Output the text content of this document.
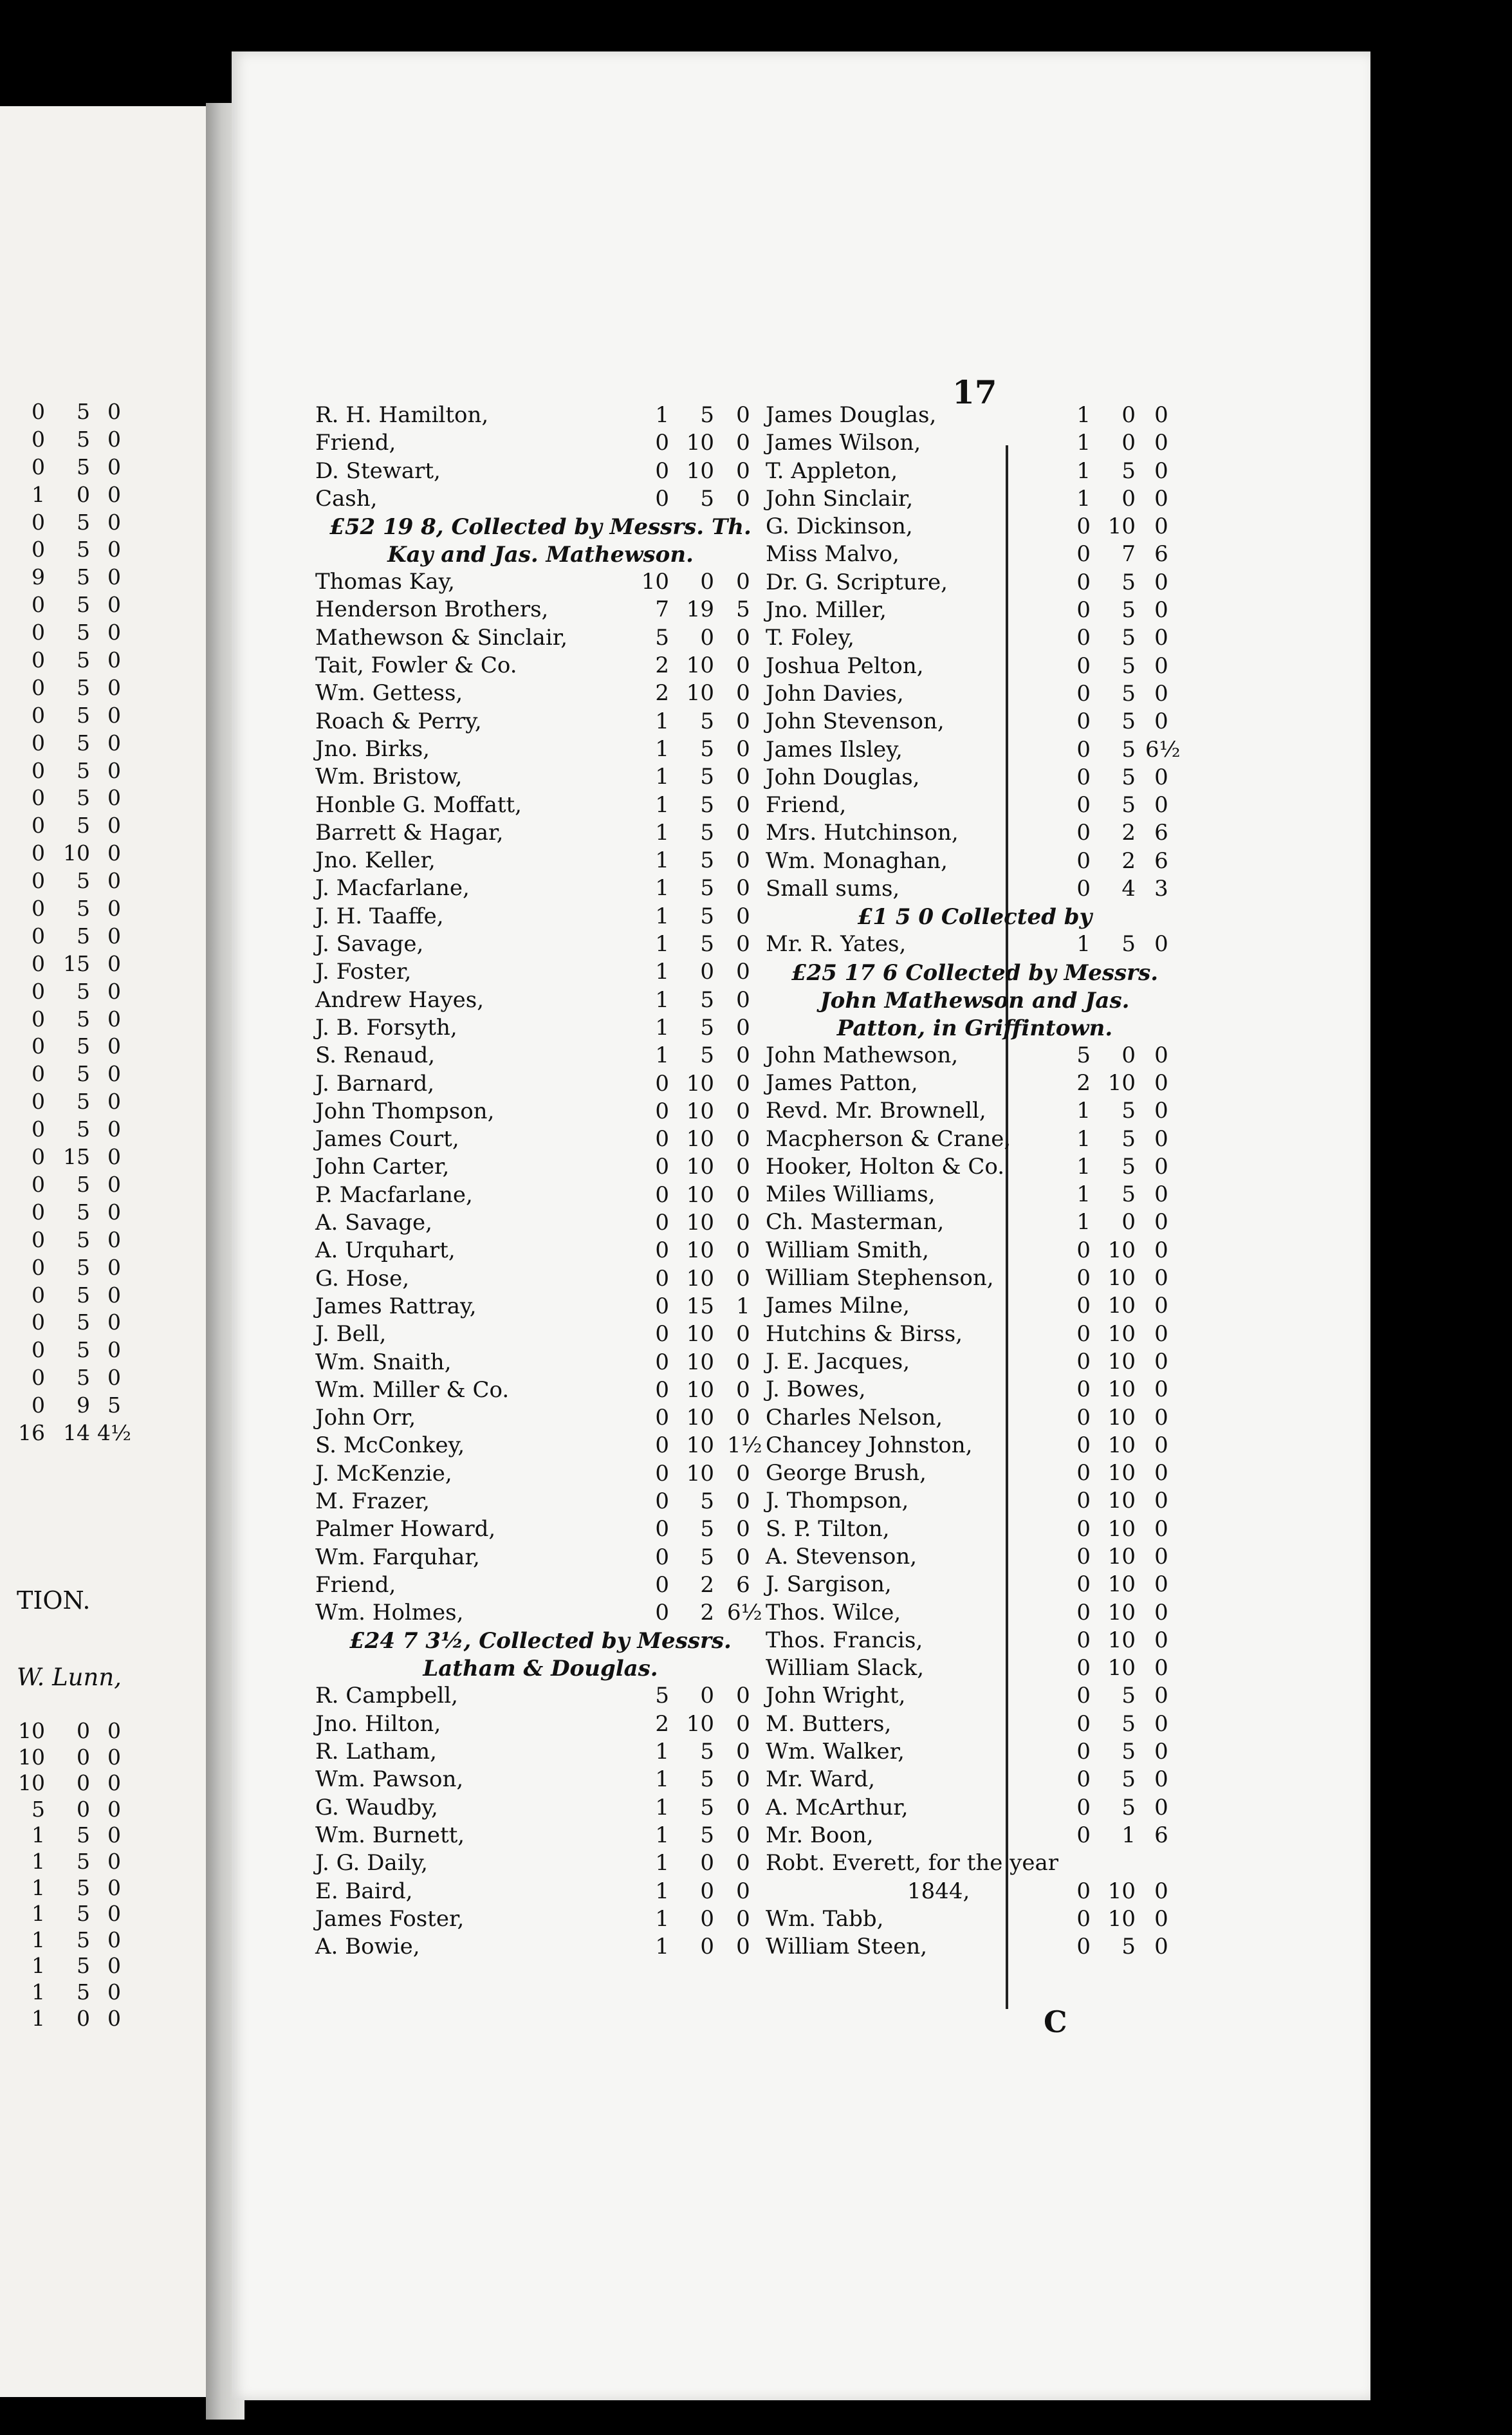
0	5 0
0	5 0
0	5 0
1	0 0
0	5 0
0	5 0
9	5 0
0	5 0
0	5 0
0	5 0
0	5 0
0	5 0
0	5 0
0	5 0
0	5 0
0	5 0
0 10 0
0	5 0
0	5 0
0	5 0
0 15 0
0	5 0
0	5 0
0	5 0
0	5 0
0	5 0
0	5 0
0 15 0
0	5 0
0	5 0
0	5 0
0	5 0
0	5 0
0	5 0
0	5 0
0	5 0
0	9 5
16 14 4½
TION.
W. Lunn,
10	0 0
10	0 0
10	0 0
5	0 0
1	5 0
1	5 0
1	5 0
1	5 0
1	5 0
1	5 0
1	5 0
1	0 0
17
R. H. Hamilton,	1	5	0
Friend,	0 10	0
D. Stewart,	0 10	0
Cash,	0	5	0
£52 19 8, Collected by Messrs. Th. Kay and Jas. Mathewson.
Thomas Kay,	10	0	0
Henderson Brothers,	7 19	5
Mathewson & Sinclair,	5	0	0
Tait, Fowler & Co.	2 10	0
Wm. Gettess,	2 10	0
Roach & Perry,	1	5	0
Jno. Birks,	1	5	0
Wm. Bristow,	1	5	0
Honble G. Moffatt,	1	5	0
Barrett & Hagar,	1	5	0
Jno. Keller,	1	5	0
J. Macfarlane,	1	5	0
J. H. Taaffe,	1	5	0
J. Savage,	1	5	0
J. Foster,	1	0	0
Andrew Hayes,	1	5	0
J. B. Forsyth,	1	5	0
S. Renaud,	1	5	0
J. Barnard,	0 10	0
John Thompson,	0 10	0
James Court,	0 10	0
John Carter,	0 10	0
P. Macfarlane,	0 10	0
A. Savage,	0 10	0
A. Urquhart,	0 10	0
G. Hose,	0 10	0
James Rattray,	0 15	1
J. Bell,	0 10	0
Wm. Snaith,	0 10	0
Wm. Miller & Co.	0 10	0
John Orr,	0 10	0
S. McConkey,	0 10 1½
J. McKenzie,	0 10	0
M. Frazer,	0	5	0
Palmer Howard,	0	5	0
Wm. Farquhar,	0	5	0
Friend,	0	2	6
Wm. Holmes,	0	2 6½
£24 7 3½, Collected by Messrs. Latham & Douglas.
R. Campbell,	5	0	0
Jno. Hilton,	2 10	0
R. Latham,	1	5	0
Wm. Pawson,	1	5	0
G. Waudby,	1	5	0
Wm. Burnett,	1	5	0
J. G. Daily,	1	0	0
E. Baird,	1	0	0
James Foster,	1	0	0
A. Bowie,	1	0	0
James Douglas,	1	0 0
James Wilson,	1	0 0
T. Appleton,	1	5 0
John Sinclair,	1	0 0
G. Dickinson,	0 10 0
Miss Malvo,	0	7 6
Dr. G. Scripture,	0	5 0
Jno. Miller,	0	5 0
T. Foley,	0	5 0
Joshua Pelton,	0	5 0
John Davies,	0	5 0
John Stevenson,	0	5 0
James Ilsley,	0	5 6½
John Douglas,	0	5 0
Friend,	0	5 0
Mrs. Hutchinson,	0	2 6
Wm. Monaghan,	0	2 6
Small sums,	0	4 3
£1 5 0 Collected by
Mr. R. Yates,	1	5 0
£25 17 6 Collected by Messrs. John Mathewson and Jas. Patton, in Griffintown.
John Mathewson,	5	0 0
James Patton,	2 10 0
Revd. Mr. Brownell,	1	5 0
Macpherson & Crane,	1	5 0
Hooker, Holton & Co.	1	5 0
Miles Williams,	1	5 0
Ch. Masterman,	1	0 0
William Smith,	0 10 0
William Stephenson,	0 10 0
James Milne,	0 10 0
Hutchins & Birss,	0 10 0
J. E. Jacques,	0 10 0
J. Bowes,	0 10 0
Charles Nelson,	0 10 0
Chancey Johnston,	0 10 0
George Brush,	0 10 0
J. Thompson,	0 10 0
S. P. Tilton,	0 10 0
A. Stevenson,	0 10 0
J. Sargison,	0 10 0
Thos. Wilce,	0 10 0
Thos. Francis,	0 10 0
William Slack,	0 10 0
John Wright,	0	5 0
M. Butters,	0	5 0
Wm. Walker,	0	5 0
Mr. Ward,	0	5 0
A. McArthur,	0	5 0
Mr. Boon,	0	1 6
Robt. Everett, for the year
1844,	0 10 0
Wm. Tabb,	0 10 0
William Steen,	0	5 0
C
